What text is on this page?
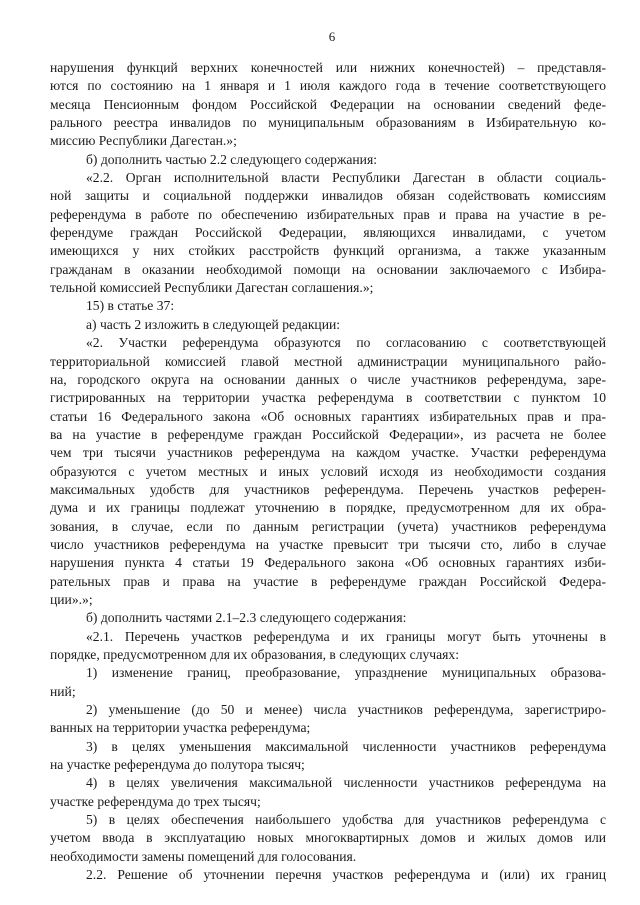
6
нарушения функций верхних конечностей или нижних конечностей) – представля-
ются по состоянию на 1 января и 1 июля каждого года в течение соответствующего
месяца Пенсионным фондом Российской Федерации на основании сведений феде-
рального реестра инвалидов по муниципальным образованиям в Избирательную ко-
миссию Республики Дагестан.»;
б) дополнить частью 2.2 следующего содержания:
«2.2. Орган исполнительной власти Республики Дагестан в области социаль-
ной защиты и социальной поддержки инвалидов обязан содействовать комиссиям
референдума в работе по обеспечению избирательных прав и права на участие в ре-
ферендуме граждан Российской Федерации, являющихся инвалидами, с учетом
имеющихся у них стойких расстройств функций организма, а также указанным
гражданам в оказании необходимой помощи на основании заключаемого с Избира-
тельной комиссией Республики Дагестан соглашения.»;
15) в статье 37:
а) часть 2 изложить в следующей редакции:
«2. Участки референдума образуются по согласованию с соответствующей
территориальной комиссией главой местной администрации муниципального райо-
на, городского округа на основании данных о числе участников референдума, заре-
гистрированных на территории участка референдума в соответствии с пунктом 10
статьи 16 Федерального закона «Об основных гарантиях избирательных прав и пра-
ва на участие в референдуме граждан Российской Федерации», из расчета не более
чем три тысячи участников референдума на каждом участке. Участки референдума
образуются с учетом местных и иных условий исходя из необходимости создания
максимальных удобств для участников референдума. Перечень участков референ-
дума и их границы подлежат уточнению в порядке, предусмотренном для их обра-
зования, в случае, если по данным регистрации (учета) участников референдума
число участников референдума на участке превысит три тысячи сто, либо в случае
нарушения пункта 4 статьи 19 Федерального закона «Об основных гарантиях изби-
рательных прав и права на участие в референдуме граждан Российской Федера-
ции».»;
б) дополнить частями 2.1–2.3 следующего содержания:
«2.1. Перечень участков референдума и их границы могут быть уточнены в
порядке, предусмотренном для их образования, в следующих случаях:
1) изменение границ, преобразование, упразднение муниципальных образова-
ний;
2) уменьшение (до 50 и менее) числа участников референдума, зарегистриро-
ванных на территории участка референдума;
3) в целях уменьшения максимальной численности участников референдума
на участке референдума до полутора тысяч;
4) в целях увеличения максимальной численности участников референдума на
участке референдума до трех тысяч;
5) в целях обеспечения наибольшего удобства для участников референдума с
учетом ввода в эксплуатацию новых многоквартирных домов и жилых домов или
необходимости замены помещений для голосования.
2.2. Решение об уточнении перечня участков референдума и (или) их границ
